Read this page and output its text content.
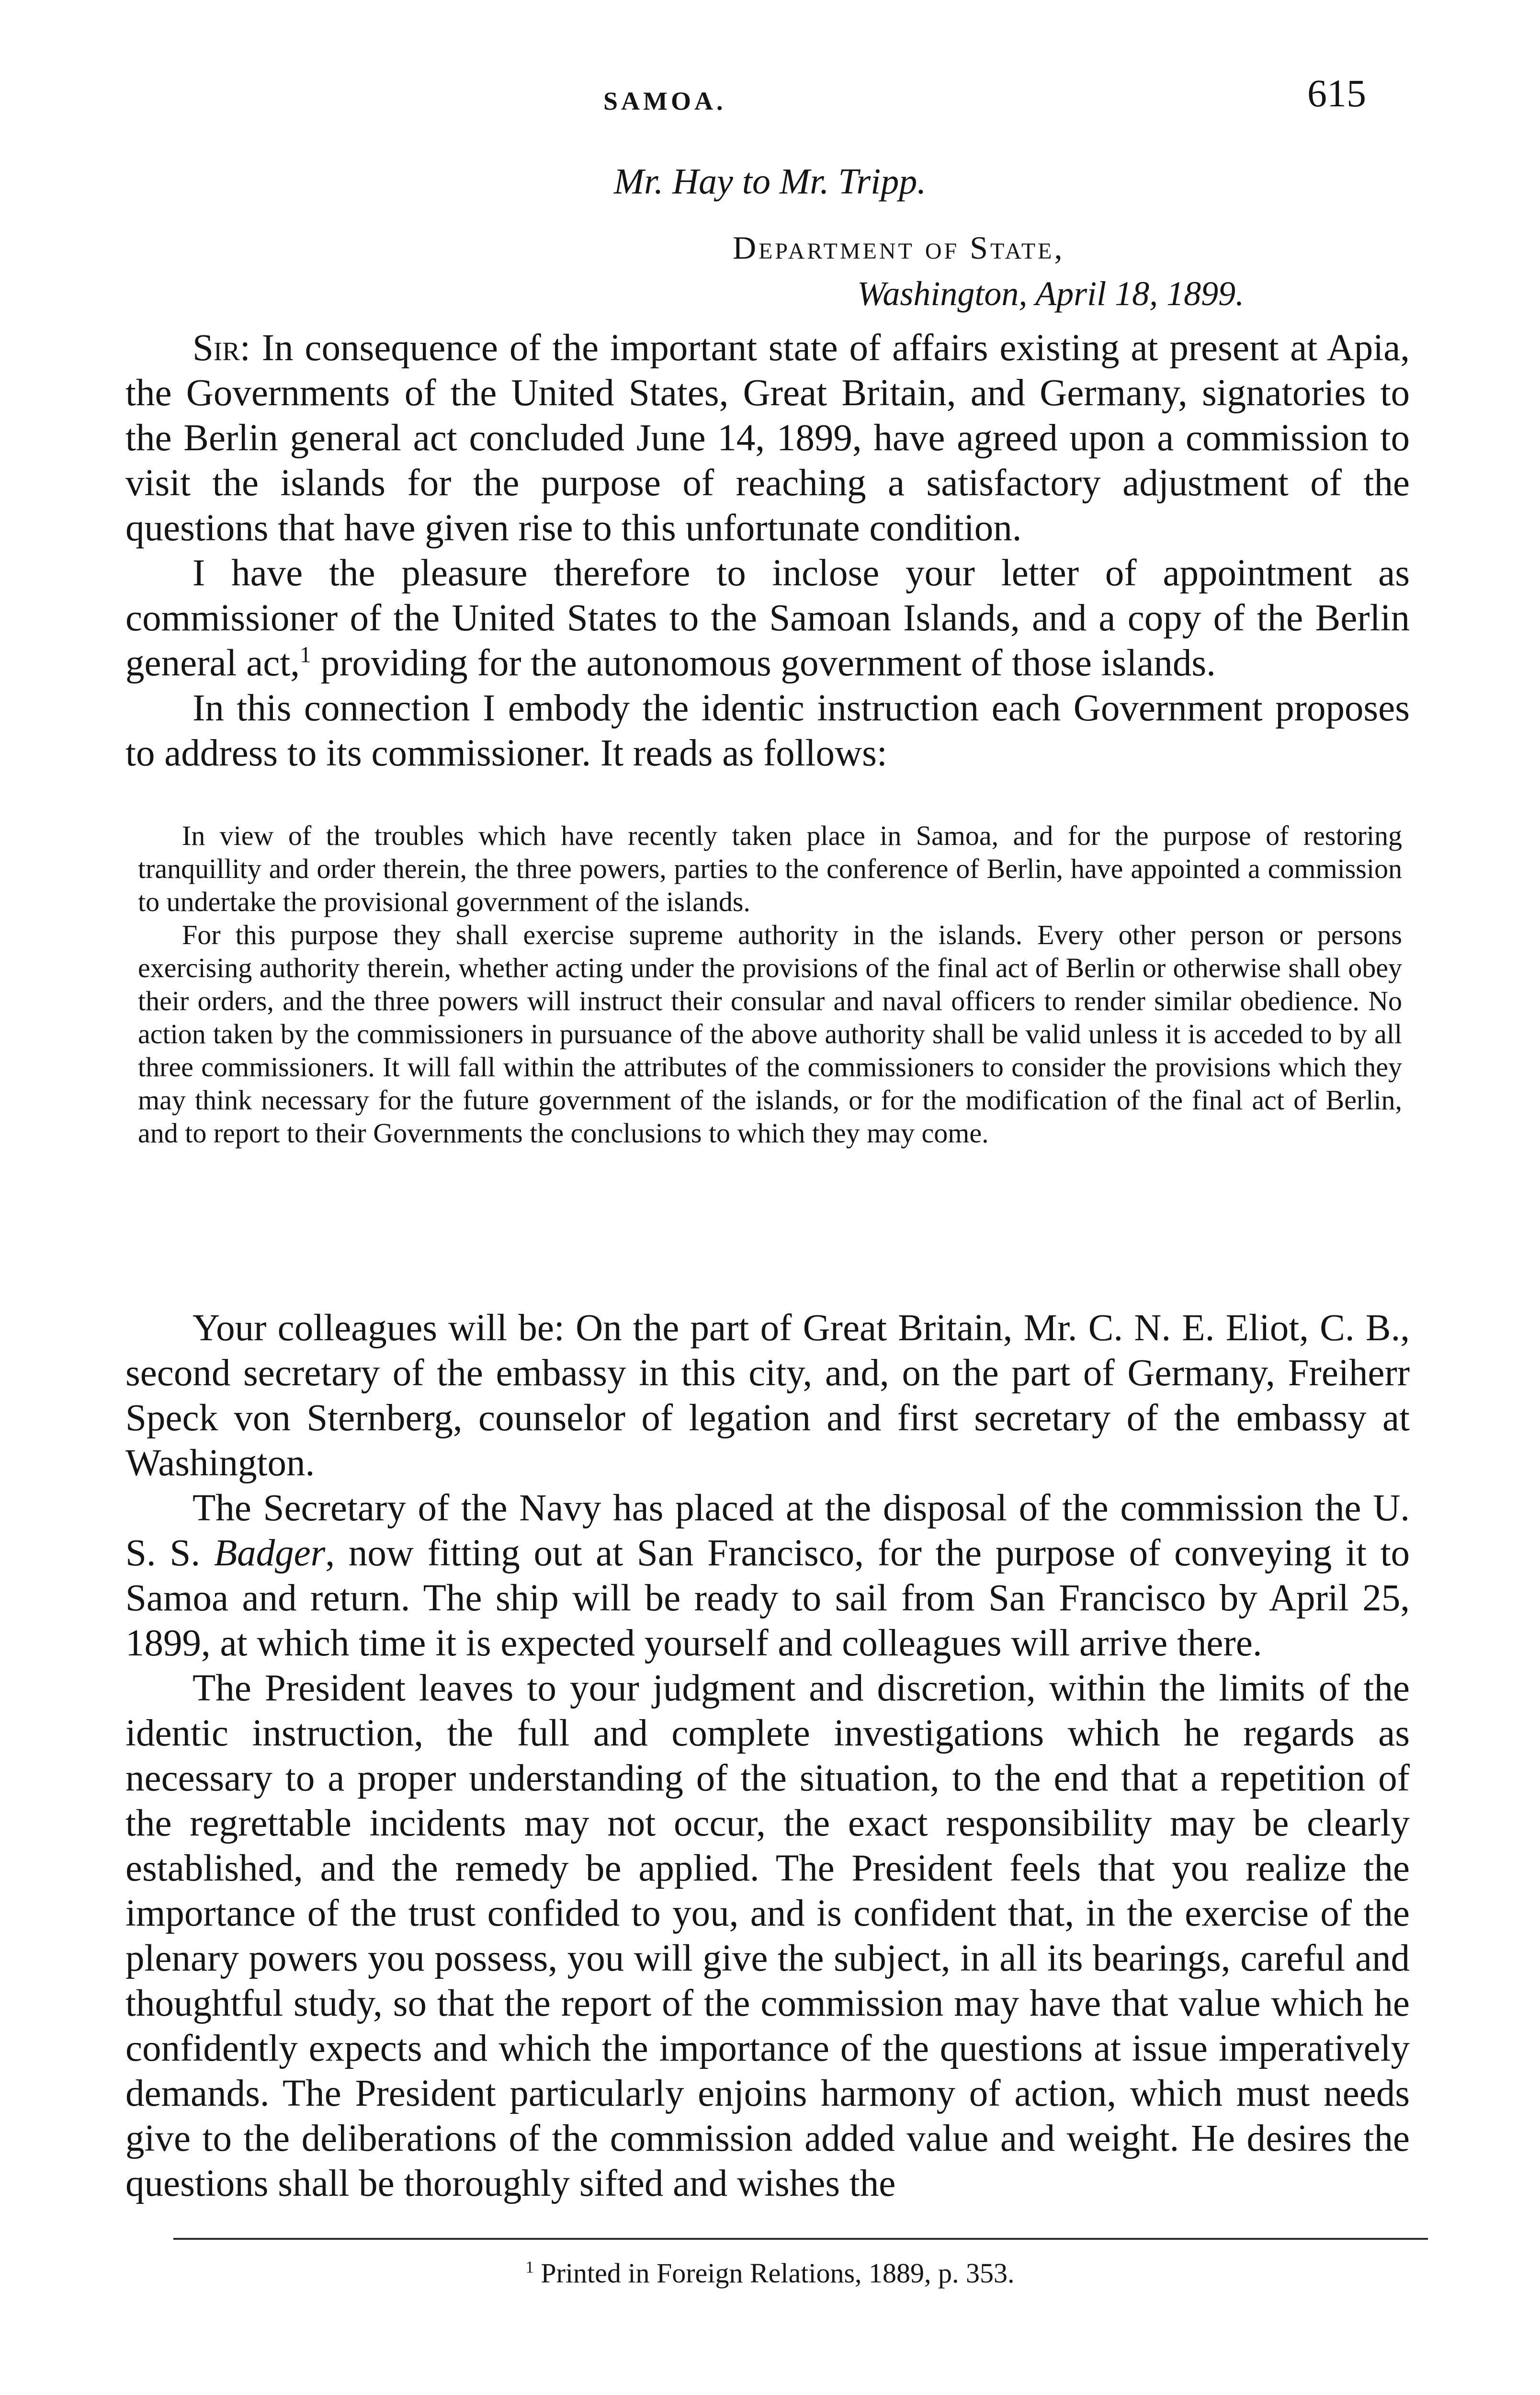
SAMOA.	615
Mr. Hay to Mr. Tripp.
Department of State,
Washington, April 18, 1899.

Sir: In consequence of the important state of affairs existing at present at Apia, the Governments of the United States, Great Britain, and Germany, signatories to the Berlin general act concluded June 14, 1899, have agreed upon a commission to visit the islands for the purpose of reaching a satisfactory adjustment of the questions that have given rise to this unfortunate condition.

I have the pleasure therefore to inclose your letter of appointment as commissioner of the United States to the Samoan Islands, and a copy of the Berlin general act,$^1$ providing for the autonomous government of those islands.

In this connection I embody the identic instruction each Government proposes to address to its commissioner. It reads as follows:

In view of the troubles which have recently taken place in Samoa, and for the purpose of restoring tranquillity and order therein, the three powers, parties to the conference of Berlin, have appointed a commission to undertake the provisional government of the islands.

For this purpose they shall exercise supreme authority in the islands. Every other person or persons exercising authority therein, whether acting under the provisions of the final act of Berlin or otherwise shall obey their orders, and the three powers will instruct their consular and naval officers to render similar obedience. No action taken by the commissioners in pursuance of the above authority shall be valid unless it is acceded to by all three commissioners. It will fall within the attributes of the commissioners to consider the provisions which they may think necessary for the future government of the islands, or for the modification of the final act of Berlin, and to report to their Governments the conclusions to which they may come.

Your colleagues will be: On the part of Great Britain, Mr. C. N. E. Eliot, C. B., second secretary of the embassy in this city, and, on the part of Germany, Freiherr Speck von Sternberg, counselor of legation and first secretary of the embassy at Washington.

The Secretary of the Navy has placed at the disposal of the commission the U. S. S. Badger, now fitting out at San Francisco, for the purpose of conveying it to Samoa and return. The ship will be ready to sail from San Francisco by April 25, 1899, at which time it is expected yourself and colleagues will arrive there.

The President leaves to your judgment and discretion, within the limits of the identic instruction, the full and complete investigations which he regards as necessary to a proper understanding of the situation, to the end that a repetition of the regrettable incidents may not occur, the exact responsibility may be clearly established, and the remedy be applied. The President feels that you realize the importance of the trust confided to you, and is confident that, in the exercise of the plenary powers you possess, you will give the subject, in all its bearings, careful and thoughtful study, so that the report of the commission may have that value which he confidently expects and which the importance of the questions at issue imperatively demands. The President particularly enjoins harmony of action, which must needs give to the deliberations of the commission added value and weight. He desires the questions shall be thoroughly sifted and wishes the

$^1$ Printed in Foreign Relations, 1889, p. 353.
